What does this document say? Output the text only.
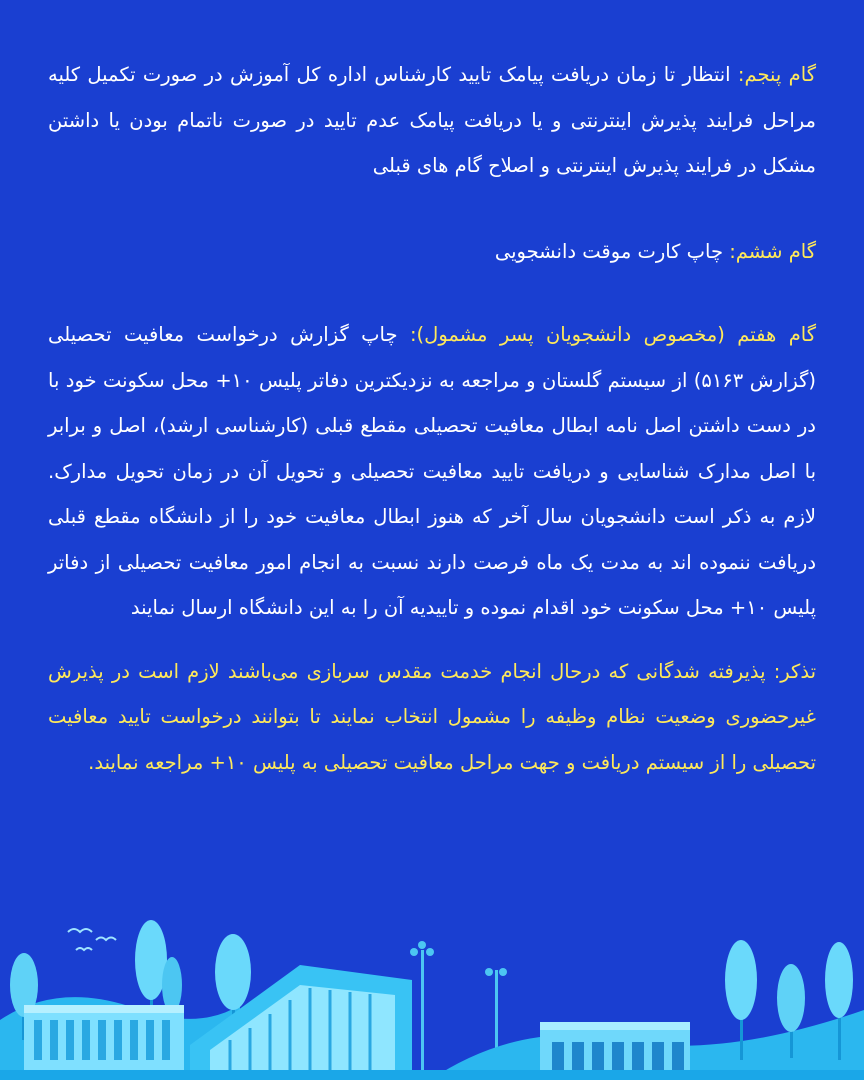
گام پنجم: انتظار تا زمان دریافت پیامک تایید کارشناس اداره کل آموزش در صورت تکمیل کلیه مراحل فرایند پذیرش اینترنتی و یا دریافت پیامک عدم تایید در صورت ناتمام بودن یا داشتن مشکل در فرایند پذیرش اینترنتی و اصلاح گام های قبلی

گام ششم: چاپ کارت موقت دانشجویی

گام هفتم (مخصوص دانشجویان پسر مشمول): چاپ گزارش درخواست معافیت تحصیلی (گزارش ۵۱۶۳) از سیستم گلستان و مراجعه به نزدیکترین دفاتر پلیس ۱۰+ محل سکونت خود با در دست داشتن اصل نامه ابطال معافیت تحصیلی مقطع قبلی (کارشناسی ارشد)، اصل و برابر با اصل مدارک شناسایی و دریافت تایید معافیت تحصیلی و تحویل آن در زمان تحویل مدارک. لازم به ذکر است دانشجویان سال آخر که هنوز ابطال معافیت خود را از دانشگاه مقطع قبلی دریافت ننموده اند به مدت یک ماه فرصت دارند نسبت به انجام امور معافیت تحصیلی از دفاتر پلیس ۱۰+ محل سکونت خود اقدام نموده و تاییدیه آن را به این دانشگاه ارسال نمایند

تذکر: پذیرفته شدگانی که درحال انجام خدمت مقدس سربازی می‌باشند لازم است در پذیرش غیرحضوری وضعیت نظام وظیفه را مشمول انتخاب نمایند تا بتوانند درخواست تایید معافیت تحصیلی را از سیستم دریافت و جهت مراحل معافیت تحصیلی به پلیس ۱۰+ مراجعه نمایند.
